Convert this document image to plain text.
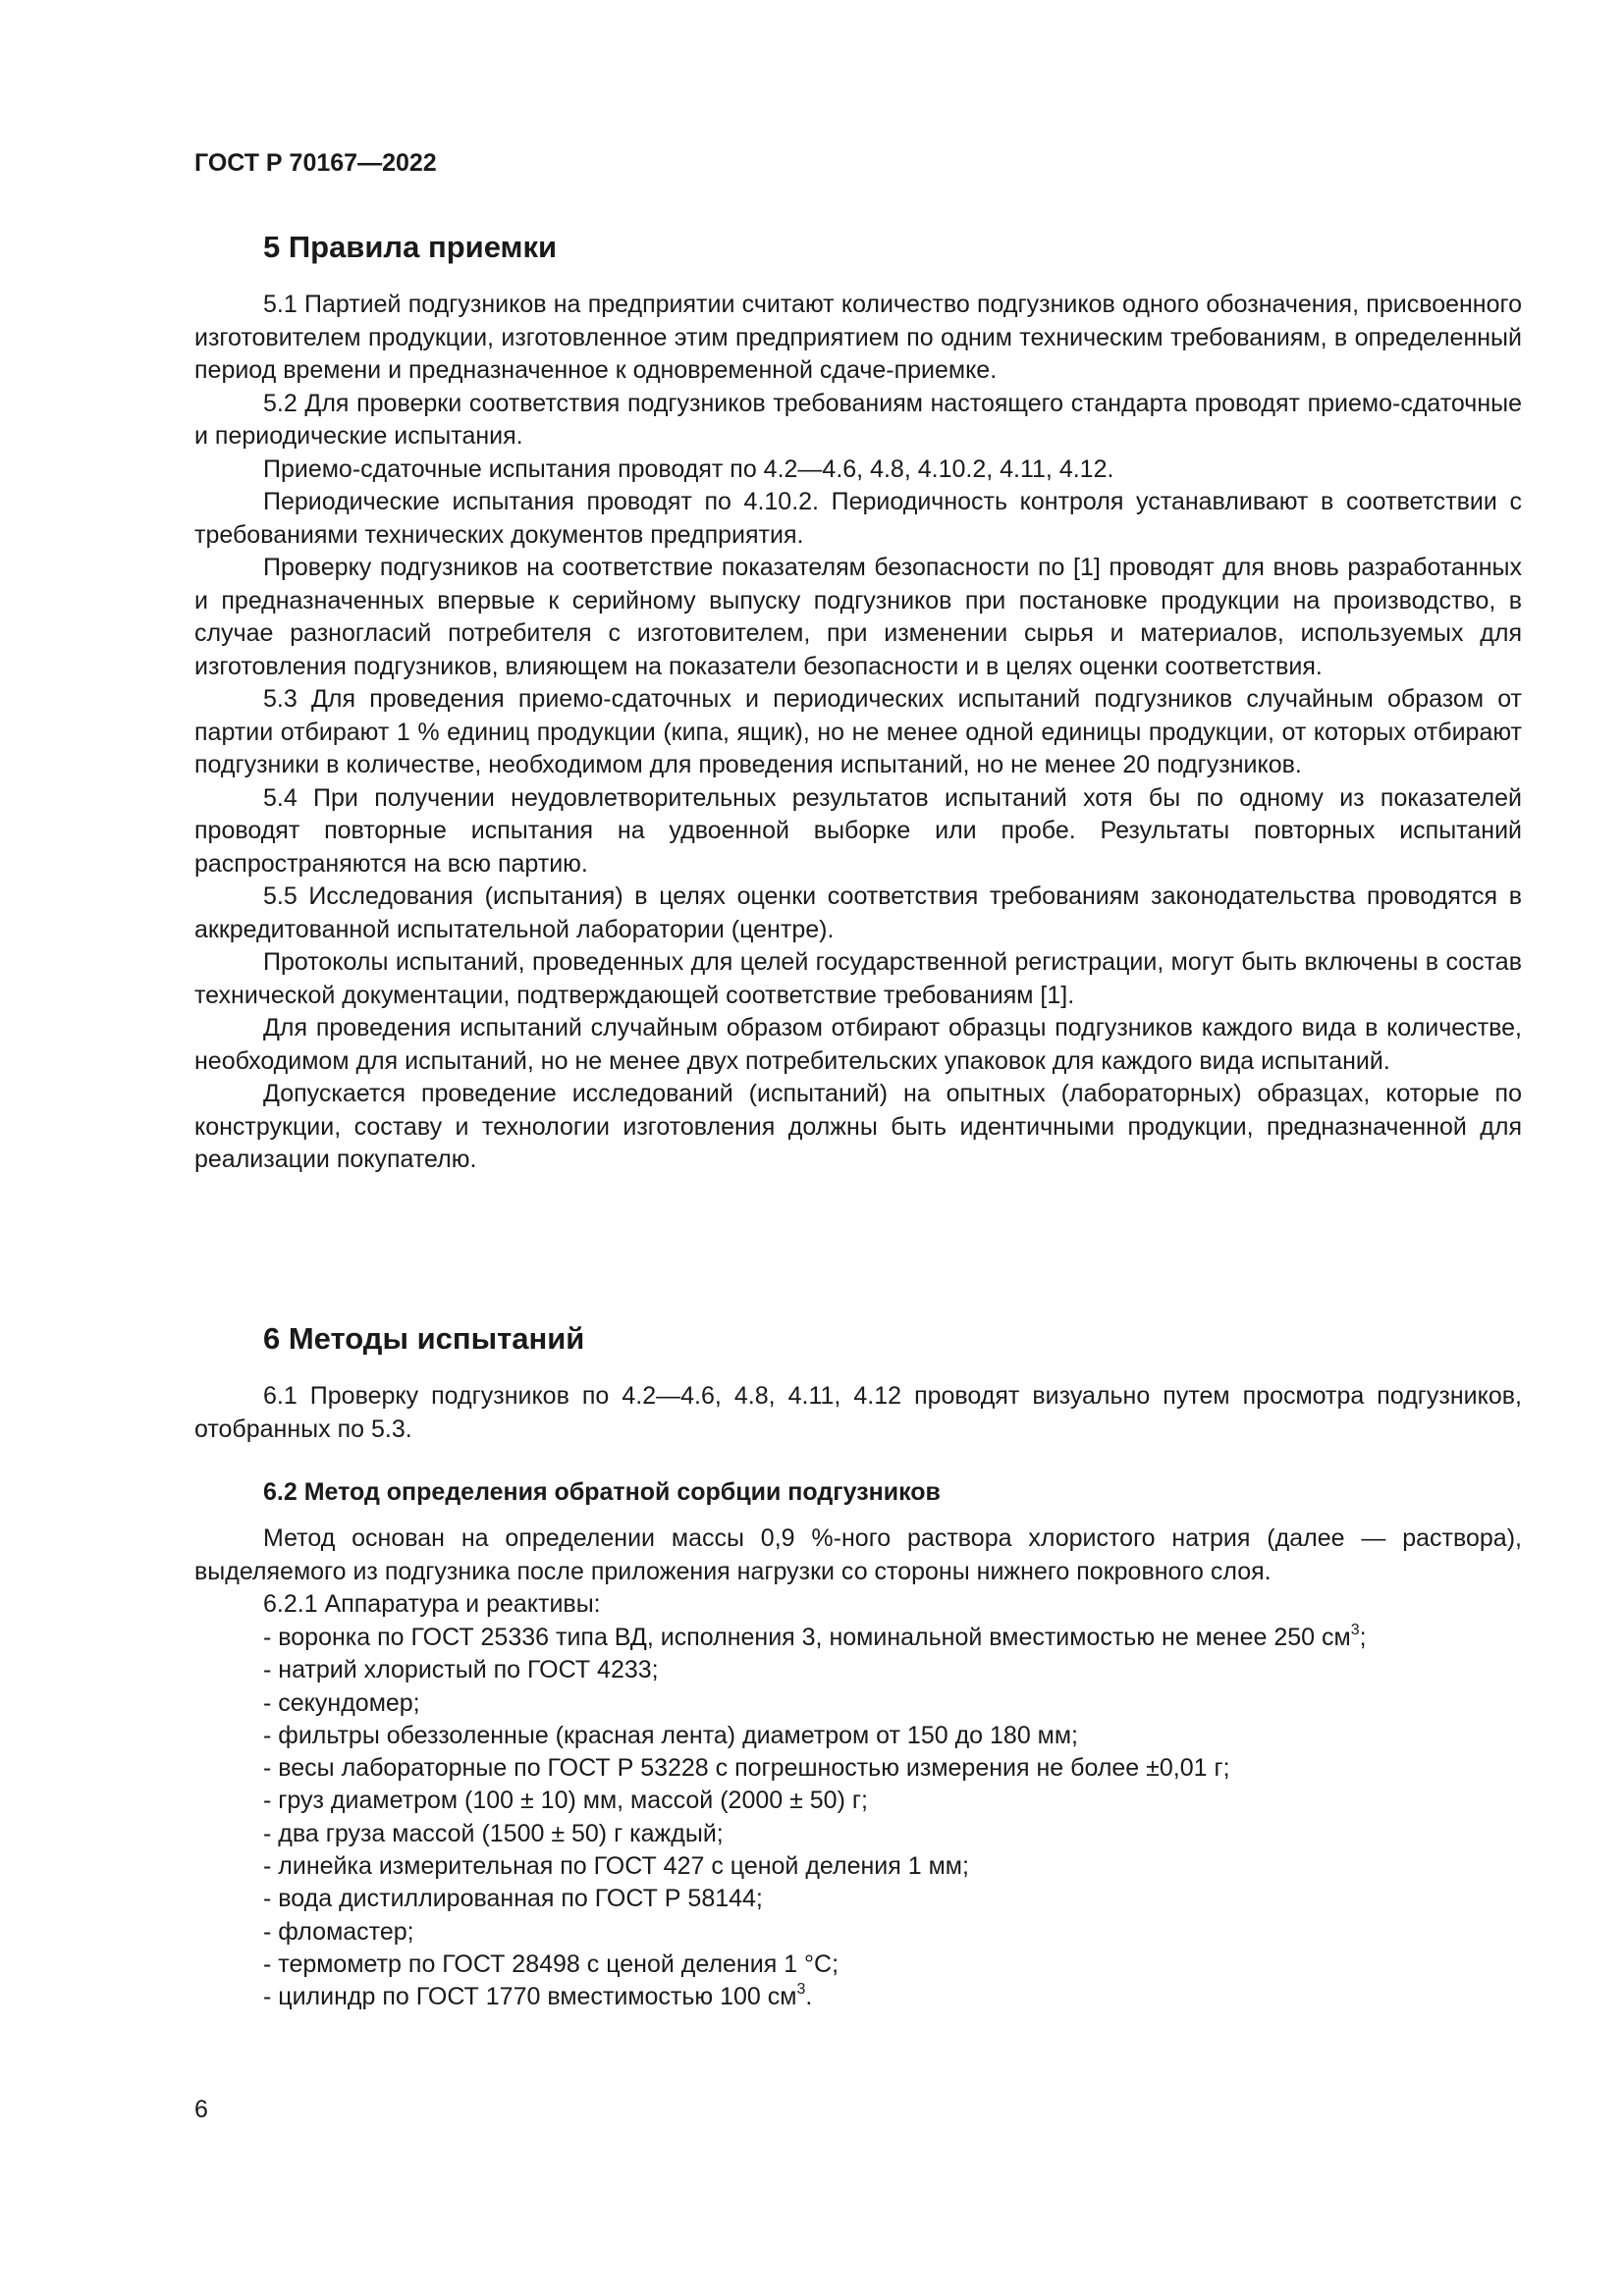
ГОСТ Р 70167—2022
5 Правила приемки

5.1 Партией подгузников на предприятии считают количество подгузников одного обозначения, присвоенного изготовителем продукции, изготовленное этим предприятием по одним техническим требованиям, в определенный период времени и предназначенное к одновременной сдаче-приемке.

5.2 Для проверки соответствия подгузников требованиям настоящего стандарта проводят приемо-сдаточные и периодические испытания.

Приемо-сдаточные испытания проводят по 4.2—4.6, 4.8, 4.10.2, 4.11, 4.12.

Периодические испытания проводят по 4.10.2. Периодичность контроля устанавливают в соответствии с требованиями технических документов предприятия.

Проверку подгузников на соответствие показателям безопасности по [1] проводят для вновь разработанных и предназначенных впервые к серийному выпуску подгузников при постановке продукции на производство, в случае разногласий потребителя с изготовителем, при изменении сырья и материалов, используемых для изготовления подгузников, влияющем на показатели безопасности и в целях оценки соответствия.

5.3 Для проведения приемо-сдаточных и периодических испытаний подгузников случайным образом от партии отбирают 1 % единиц продукции (кипа, ящик), но не менее одной единицы продукции, от которых отбирают подгузники в количестве, необходимом для проведения испытаний, но не менее 20 подгузников.

5.4 При получении неудовлетворительных результатов испытаний хотя бы по одному из показателей проводят повторные испытания на удвоенной выборке или пробе. Результаты повторных испытаний распространяются на всю партию.

5.5 Исследования (испытания) в целях оценки соответствия требованиям законодательства проводятся в аккредитованной испытательной лаборатории (центре).

Протоколы испытаний, проведенных для целей государственной регистрации, могут быть включены в состав технической документации, подтверждающей соответствие требованиям [1].

Для проведения испытаний случайным образом отбирают образцы подгузников каждого вида в количестве, необходимом для испытаний, но не менее двух потребительских упаковок для каждого вида испытаний.

Допускается проведение исследований (испытаний) на опытных (лабораторных) образцах, которые по конструкции, составу и технологии изготовления должны быть идентичными продукции, предназначенной для реализации покупателю.

6 Методы испытаний

6.1 Проверку подгузников по 4.2—4.6, 4.8, 4.11, 4.12 проводят визуально путем просмотра подгузников, отобранных по 5.3.

6.2 Метод определения обратной сорбции подгузников

Метод основан на определении массы 0,9 %-ного раствора хлористого натрия (далее — раствора), выделяемого из подгузника после приложения нагрузки со стороны нижнего покровного слоя.

6.2.1 Аппаратура и реактивы:

- воронка по ГОСТ 25336 типа ВД, исполнения 3, номинальной вместимостью не менее 250 $см^3$;
- натрий хлористый по ГОСТ 4233;
- секундомер;
- фильтры обеззоленные (красная лента) диаметром от 150 до 180 мм;
- весы лабораторные по ГОСТ Р 53228 с погрешностью измерения не более ±0,01 г;
- груз диаметром (100 ± 10) мм, массой (2000 ± 50) г;
- два груза массой (1500 ± 50) г каждый;
- линейка измерительная по ГОСТ 427 с ценой деления 1 мм;
- вода дистиллированная по ГОСТ Р 58144;
- фломастер;
- термометр по ГОСТ 28498 с ценой деления 1 °С;
- цилиндр по ГОСТ 1770 вместимостью 100 $см^3$.
6
